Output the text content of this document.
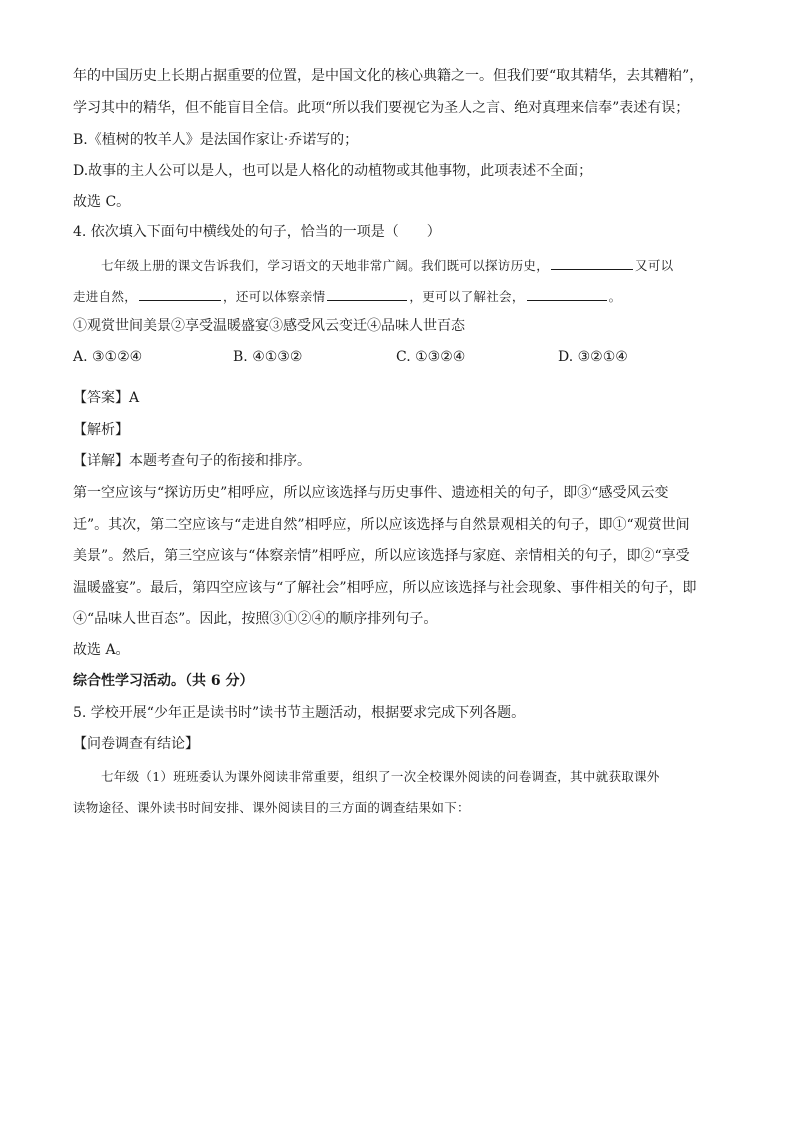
年的中国历史上长期占据重要的位置，是中国文化的核心典籍之一。但我们要“取其精华，去其糟粕”，
学习其中的精华，但不能盲目全信。此项“所以我们要视它为圣人之言、绝对真理来信奉”表述有误；
B.《植树的牧羊人》是法国作家让·乔诺写的；
D.故事的主人公可以是人，也可以是人格化的动植物或其他事物，此项表述不全面；
故选 C。
4. 依次填入下面句中横线处的句子，恰当的一项是（　　）
七年级上册的课文告诉我们，学习语文的天地非常广阔。我们既可以探访历史，	又可以
走进自然，	，还可以体察亲情	，更可以了解社会，	。
①观赏世间美景②享受温暖盛宴③感受风云变迁④品味人世百态
A. ③①②④	B. ④①③②	C. ①③②④	D. ③②①④
【答案】A
【解析】
【详解】本题考查句子的衔接和排序。
第一空应该与“探访历史”相呼应，所以应该选择与历史事件、遗迹相关的句子，即③“感受风云变
迁”。其次，第二空应该与“走进自然”相呼应，所以应该选择与自然景观相关的句子，即①“观赏世间
美景”。然后，第三空应该与“体察亲情”相呼应，所以应该选择与家庭、亲情相关的句子，即②“享受
温暖盛宴”。最后，第四空应该与“了解社会”相呼应，所以应该选择与社会现象、事件相关的句子，即
④“品味人世百态”。因此，按照③①②④的顺序排列句子。
故选 A。
综合性学习活动。（共 6 分）
5. 学校开展“少年正是读书时”读书节主题活动，根据要求完成下列各题。
【问卷调查有结论】
七年级（1）班班委认为课外阅读非常重要，组织了一次全校课外阅读的问卷调查，其中就获取课外
读物途径、课外读书时间安排、课外阅读目的三方面的调查结果如下：
